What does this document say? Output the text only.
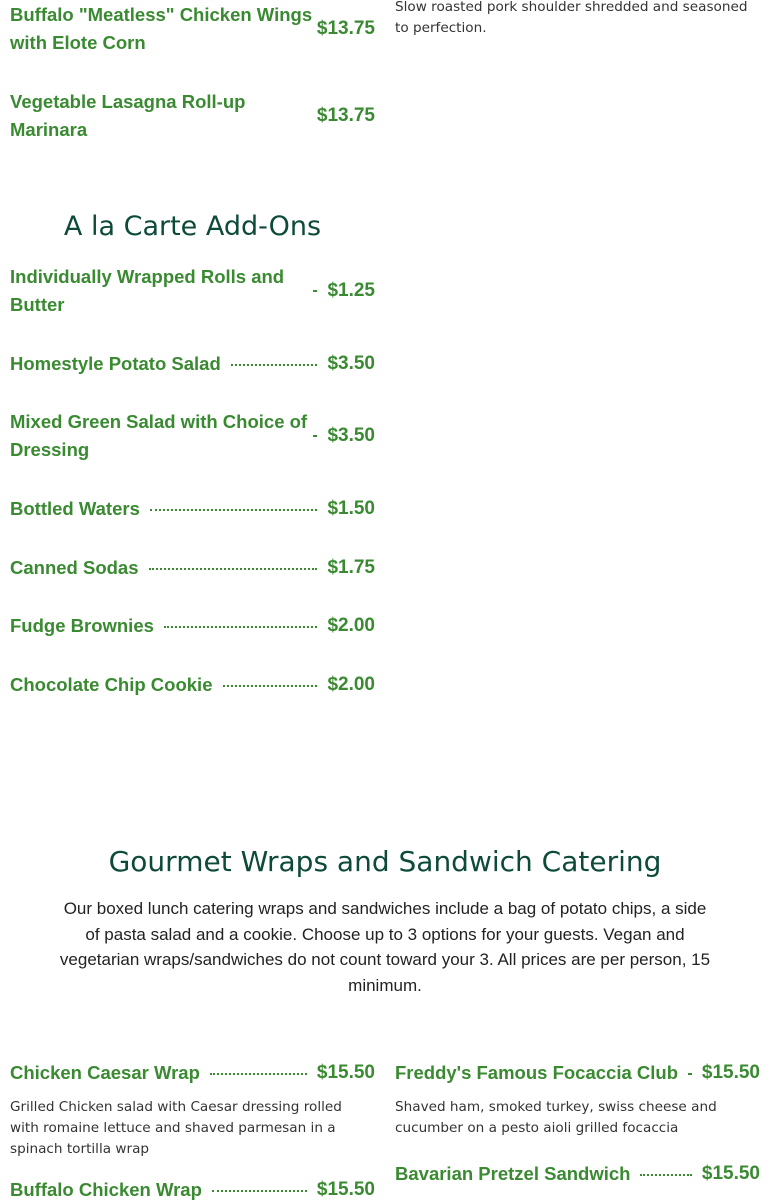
Buffalo "Meatless" Chicken Wings
with Elote Corn
$13.75
Slow roasted pork shoulder shredded and seasoned to perfection.
Vegetable Lasagna Roll-up
Marinara
$13.75
A la Carte Add-Ons
Individually Wrapped Rolls and
Butter
$1.25
Homestyle Potato Salad	$3.50
Mixed Green Salad with Choice of
Dressing
$3.50
Bottled Waters	$1.50
Canned Sodas	$1.75
Fudge Brownies	$2.00
Chocolate Chip Cookie	$2.00
Gourmet Wraps and Sandwich Catering
Our boxed lunch catering wraps and sandwiches include a bag of potato chips, a side of pasta salad and a cookie. Choose up to 3 options for your guests. Vegan and vegetarian wraps/sandwiches do not count toward your 3. All prices are per person, 15 minimum.
Chicken Caesar Wrap	$15.50
Grilled Chicken salad with Caesar dressing rolled with romaine lettuce and shaved parmesan in a spinach tortilla wrap
Buffalo Chicken Wrap	$15.50
Freddy's Famous Focaccia Club $15.50
Shaved ham, smoked turkey, swiss cheese and cucumber on a pesto aioli grilled focaccia
Bavarian Pretzel Sandwich	$15.50
